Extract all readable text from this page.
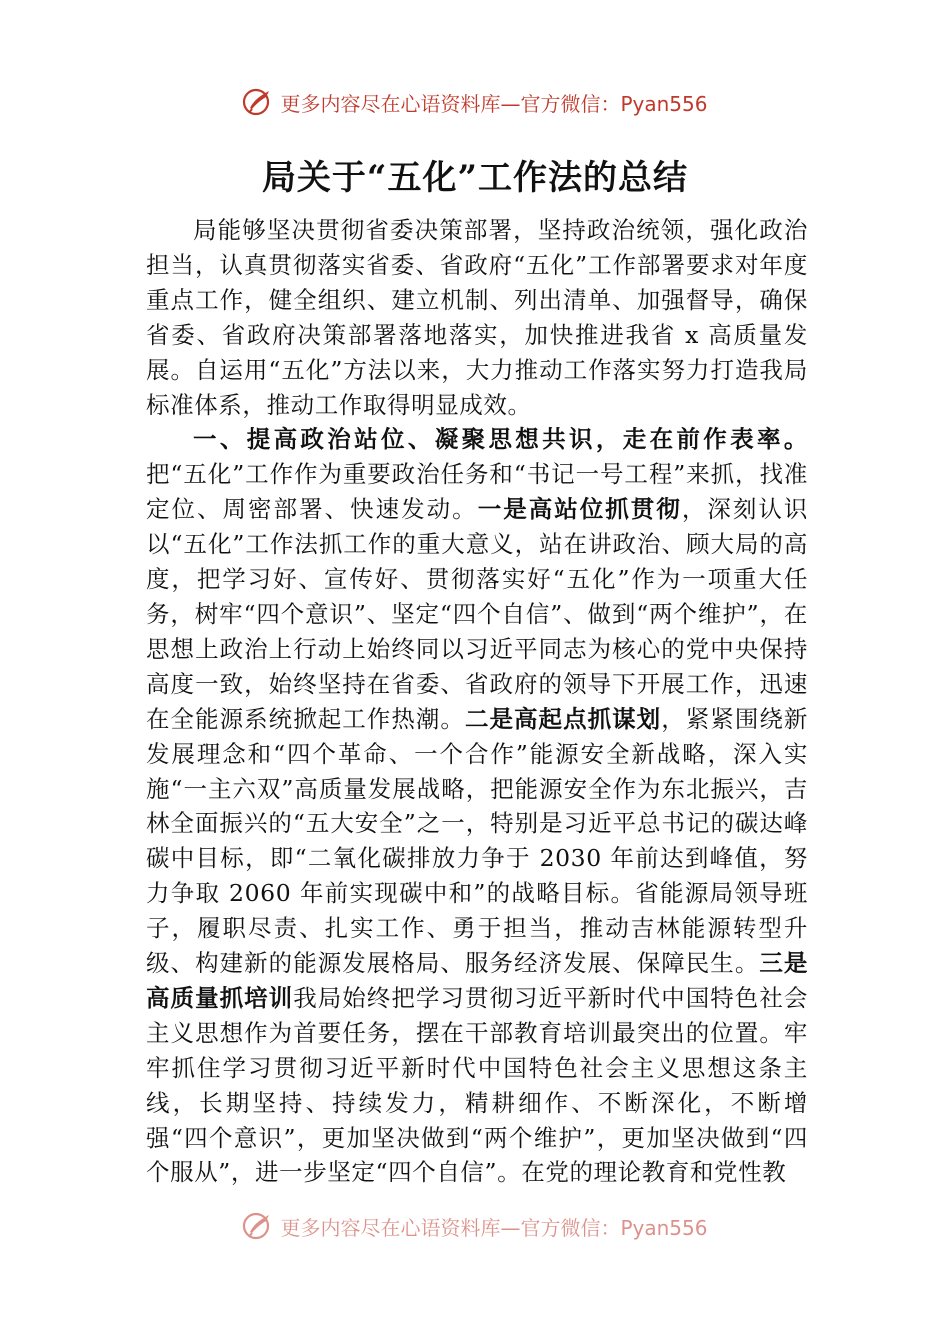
更多内容尽在心语资料库—官方微信：Pyan556
局关于“五化”工作法的总结

局能够坚决贯彻省委决策部署，坚持政治统领，强化政治担当，认真贯彻落实省委、省政府“五化”工作部署要求对年度重点工作，健全组织、建立机制、列出清单、加强督导，确保省委、省政府决策部署落地落实，加快推进我省 x 高质量发展。自运用“五化”方法以来，大力推动工作落实努力打造我局标准体系，推动工作取得明显成效。

一、提高政治站位、凝聚思想共识，走在前作表率。把“五化”工作作为重要政治任务和“书记一号工程”来抓，找准定位、周密部署、快速发动。一是高站位抓贯彻，深刻认识以“五化”工作法抓工作的重大意义，站在讲政治、顾大局的高度，把学习好、宣传好、贯彻落实好“五化”作为一项重大任务，树牢“四个意识”、坚定“四个自信”、做到“两个维护”，在思想上政治上行动上始终同以习近平同志为核心的党中央保持高度一致，始终坚持在省委、省政府的领导下开展工作，迅速在全能源系统掀起工作热潮。二是高起点抓谋划，紧紧围绕新发展理念和“四个革命、一个合作”能源安全新战略，深入实施“一主六双”高质量发展战略，把能源安全作为东北振兴，吉林全面振兴的“五大安全”之一，特别是习近平总书记的碳达峰碳中目标，即“二氧化碳排放力争于 2030 年前达到峰值，努力争取 2060 年前实现碳中和”的战略目标。省能源局领导班子，履职尽责、扎实工作、勇于担当，推动吉林能源转型升级、构建新的能源发展格局、服务经济发展、保障民生。三是高质量抓培训我局始终把学习贯彻习近平新时代中国特色社会主义思想作为首要任务，摆在干部教育培训最突出的位置。牢牢抓住学习贯彻习近平新时代中国特色社会主义思想这条主线，长期坚持、持续发力，精耕细作、不断深化，不断增强“四个意识”，更加坚决做到“两个维护”，更加坚决做到“四个服从”，进一步坚定“四个自信”。在党的理论教育和党性教

更多内容尽在心语资料库—官方微信：Pyan556
